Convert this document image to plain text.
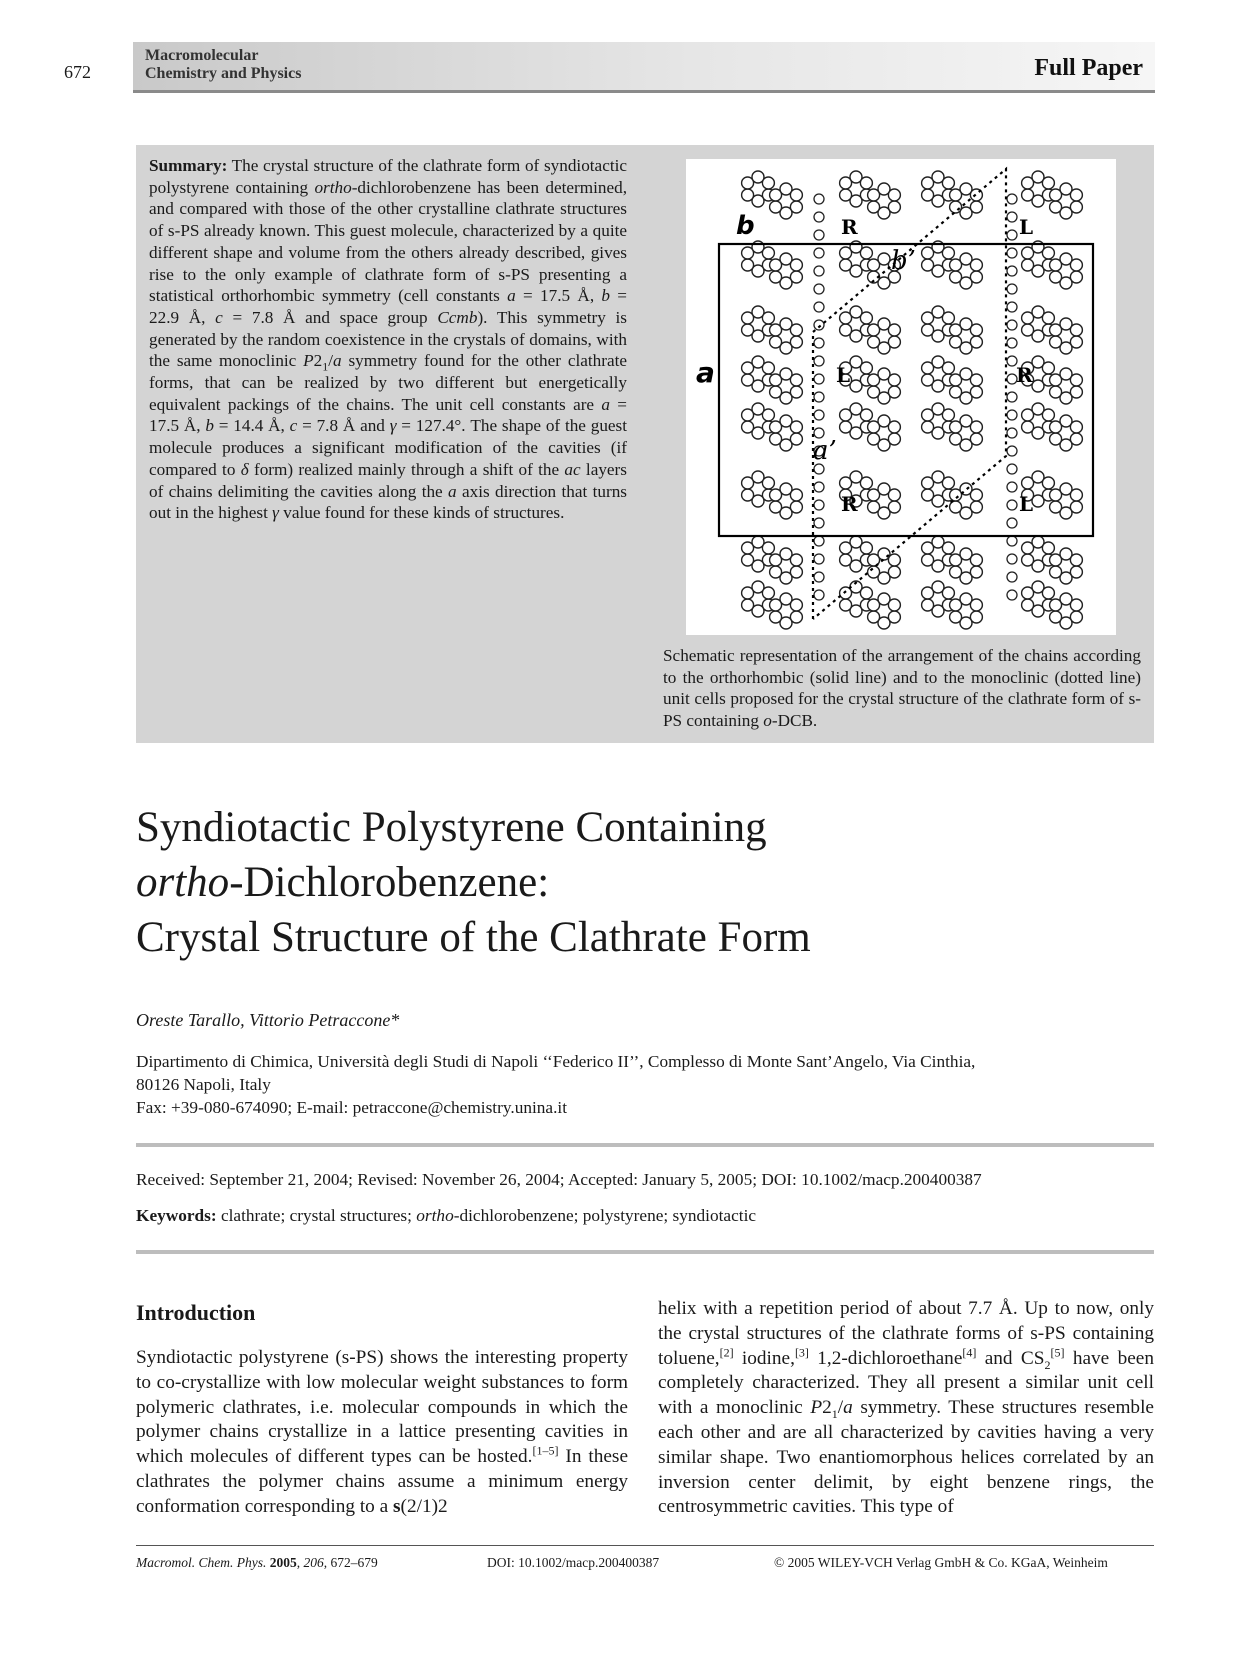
672
Macromolecular
Chemistry and Physics	Full Paper
Summary: The crystal structure of the clathrate form of syndiotactic polystyrene containing ortho-dichlorobenzene has been determined, and compared with those of the other crystalline clathrate structures of s-PS already known. This guest molecule, characterized by a quite different shape and volume from the others already described, gives rise to the only example of clathrate form of s-PS presenting a statistical orthorhombic symmetry (cell constants a = 17.5 Å, b = 22.9 Å, c = 7.8 Å and space group Ccmb). This symmetry is generated by the random coexistence in the crystals of domains, with the same monoclinic $P2_1/a$ symmetry found for the other clathrate forms, that can be realized by two different but energetically equivalent packings of the chains. The unit cell constants are a = 17.5 Å, b = 14.4 Å, c = 7.8 Å and γ = 127.4°. The shape of the guest molecule produces a significant modification of the cavities (if compared to δ form) realized mainly through a shift of the ac layers of chains delimiting the cavities along the a axis direction that turns out in the highest γ value found for these kinds of structures.
b
a
b’
a’
R	L
L	R
R	L
Schematic representation of the arrangement of the chains according to the orthorhombic (solid line) and to the monoclinic (dotted line) unit cells proposed for the crystal structure of the clathrate form of s-PS containing o-DCB.
Syndiotactic Polystyrene Containing
ortho-Dichlorobenzene:
Crystal Structure of the Clathrate Form
Oreste Tarallo, Vittorio Petraccone*
Dipartimento di Chimica, Università degli Studi di Napoli ‘‘Federico II’’, Complesso di Monte Sant’Angelo, Via Cinthia,
80126 Napoli, Italy
Fax: +39-080-674090; E-mail: petraccone@chemistry.unina.it
Received: September 21, 2004; Revised: November 26, 2004; Accepted: January 5, 2005; DOI: 10.1002/macp.200400387
Keywords: clathrate; crystal structures; ortho-dichlorobenzene; polystyrene; syndiotactic
Introduction
Syndiotactic polystyrene (s-PS) shows the interesting property to co-crystallize with low molecular weight substances to form polymeric clathrates, i.e. molecular compounds in which the polymer chains crystallize in a lattice presenting cavities in which molecules of different types can be hosted.[1–5] In these clathrates the polymer chains assume a minimum energy conformation corresponding to a s(2/1)2
helix with a repetition period of about 7.7 Å. Up to now, only the crystal structures of the clathrate forms of s-PS containing toluene,[2] iodine,[3] 1,2-dichloroethane[4] and $CS_2[5]$ have been completely characterized. They all present a similar unit cell with a monoclinic $P2_1/a$ symmetry. These structures resemble each other and are all characterized by cavities having a very similar shape. Two enantiomorphous helices correlated by an inversion center delimit, by eight benzene rings, the centrosymmetric cavities. This type of
Macromol. Chem. Phys. 2005, 206, 672–679	DOI: 10.1002/macp.200400387	© 2005 WILEY-VCH Verlag GmbH & Co. KGaA, Weinheim
